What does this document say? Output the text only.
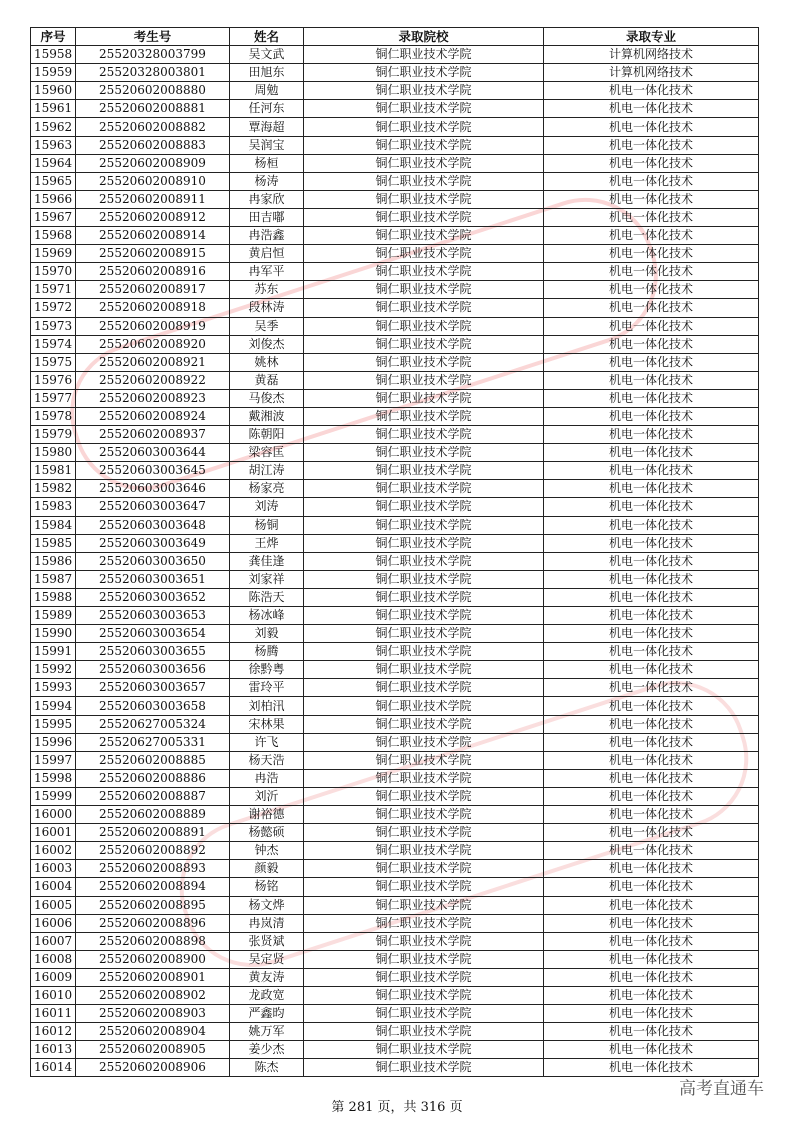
序号	考生号	姓名	录取院校	录取专业
15958	25520328003799	吴文武	铜仁职业技术学院	计算机网络技术
15959	25520328003801	田旭东	铜仁职业技术学院	计算机网络技术
15960	25520602008880	周勉	铜仁职业技术学院	机电一体化技术
15961	25520602008881	任河东	铜仁职业技术学院	机电一体化技术
15962	25520602008882	覃海超	铜仁职业技术学院	机电一体化技术
15963	25520602008883	吴润宝	铜仁职业技术学院	机电一体化技术
15964	25520602008909	杨桓	铜仁职业技术学院	机电一体化技术
15965	25520602008910	杨涛	铜仁职业技术学院	机电一体化技术
15966	25520602008911	冉家欣	铜仁职业技术学院	机电一体化技术
15967	25520602008912	田吉嘟	铜仁职业技术学院	机电一体化技术
15968	25520602008914	冉浩鑫	铜仁职业技术学院	机电一体化技术
15969	25520602008915	黄启恒	铜仁职业技术学院	机电一体化技术
15970	25520602008916	冉军平	铜仁职业技术学院	机电一体化技术
15971	25520602008917	苏东	铜仁职业技术学院	机电一体化技术
15972	25520602008918	段林涛	铜仁职业技术学院	机电一体化技术
15973	25520602008919	吴季	铜仁职业技术学院	机电一体化技术
15974	25520602008920	刘俊杰	铜仁职业技术学院	机电一体化技术
15975	25520602008921	姚林	铜仁职业技术学院	机电一体化技术
15976	25520602008922	黄磊	铜仁职业技术学院	机电一体化技术
15977	25520602008923	马俊杰	铜仁职业技术学院	机电一体化技术
15978	25520602008924	戴湘波	铜仁职业技术学院	机电一体化技术
15979	25520602008937	陈朝阳	铜仁职业技术学院	机电一体化技术
15980	25520603003644	梁容匡	铜仁职业技术学院	机电一体化技术
15981	25520603003645	胡江涛	铜仁职业技术学院	机电一体化技术
15982	25520603003646	杨家亮	铜仁职业技术学院	机电一体化技术
15983	25520603003647	刘涛	铜仁职业技术学院	机电一体化技术
15984	25520603003648	杨铜	铜仁职业技术学院	机电一体化技术
15985	25520603003649	王烨	铜仁职业技术学院	机电一体化技术
15986	25520603003650	龚佳逢	铜仁职业技术学院	机电一体化技术
15987	25520603003651	刘家祥	铜仁职业技术学院	机电一体化技术
15988	25520603003652	陈浩天	铜仁职业技术学院	机电一体化技术
15989	25520603003653	杨冰峰	铜仁职业技术学院	机电一体化技术
15990	25520603003654	刘毅	铜仁职业技术学院	机电一体化技术
15991	25520603003655	杨腾	铜仁职业技术学院	机电一体化技术
15992	25520603003656	徐黔粤	铜仁职业技术学院	机电一体化技术
15993	25520603003657	雷玲平	铜仁职业技术学院	机电一体化技术
15994	25520603003658	刘柏汛	铜仁职业技术学院	机电一体化技术
15995	25520627005324	宋林果	铜仁职业技术学院	机电一体化技术
15996	25520627005331	许飞	铜仁职业技术学院	机电一体化技术
15997	25520602008885	杨天浩	铜仁职业技术学院	机电一体化技术
15998	25520602008886	冉浩	铜仁职业技术学院	机电一体化技术
15999	25520602008887	刘沂	铜仁职业技术学院	机电一体化技术
16000	25520602008889	谢裕德	铜仁职业技术学院	机电一体化技术
16001	25520602008891	杨懿硕	铜仁职业技术学院	机电一体化技术
16002	25520602008892	钟杰	铜仁职业技术学院	机电一体化技术
16003	25520602008893	颜毅	铜仁职业技术学院	机电一体化技术
16004	25520602008894	杨铭	铜仁职业技术学院	机电一体化技术
16005	25520602008895	杨文烨	铜仁职业技术学院	机电一体化技术
16006	25520602008896	冉岚清	铜仁职业技术学院	机电一体化技术
16007	25520602008898	张贤斌	铜仁职业技术学院	机电一体化技术
16008	25520602008900	吴定贤	铜仁职业技术学院	机电一体化技术
16009	25520602008901	黄友涛	铜仁职业技术学院	机电一体化技术
16010	25520602008902	龙政宽	铜仁职业技术学院	机电一体化技术
16011	25520602008903	严鑫昀	铜仁职业技术学院	机电一体化技术
16012	25520602008904	姚万军	铜仁职业技术学院	机电一体化技术
16013	25520602008905	姜少杰	铜仁职业技术学院	机电一体化技术
16014	25520602008906	陈杰	铜仁职业技术学院	机电一体化技术
第 281 页，共 316 页
高考直通车
